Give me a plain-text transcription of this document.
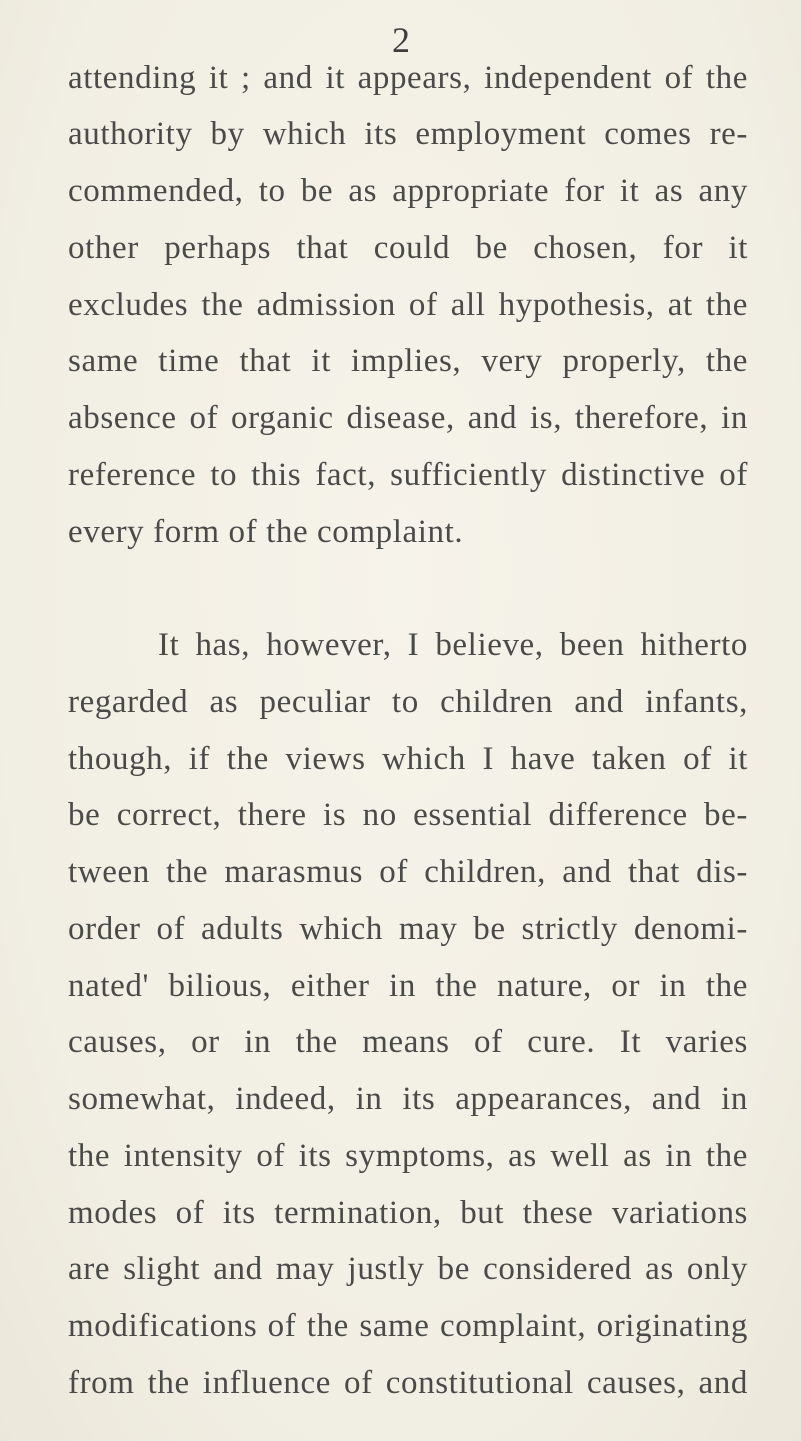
2
attending it ; and it appears, independent of the
authority by which its employment comes re-
commended, to be as appropriate for it as any
other perhaps that could be chosen, for it
excludes the admission of all hypothesis, at the
same time that it implies, very properly, the
absence of organic disease, and is, therefore, in
reference to this fact, sufficiently distinctive of
every form of the complaint.
It has, however, I believe, been hitherto
regarded as peculiar to children and infants,
though, if the views which I have taken of it
be correct, there is no essential difference be-
tween the marasmus of children, and that dis-
order of adults which may be strictly denomi-
nated' bilious, either in the nature, or in the
causes, or in the means of cure. It varies
somewhat, indeed, in its appearances, and in
the intensity of its symptoms, as well as in the
modes of its termination, but these variations
are slight and may justly be considered as only
modifications of the same complaint, originating
from the influence of constitutional causes, and
